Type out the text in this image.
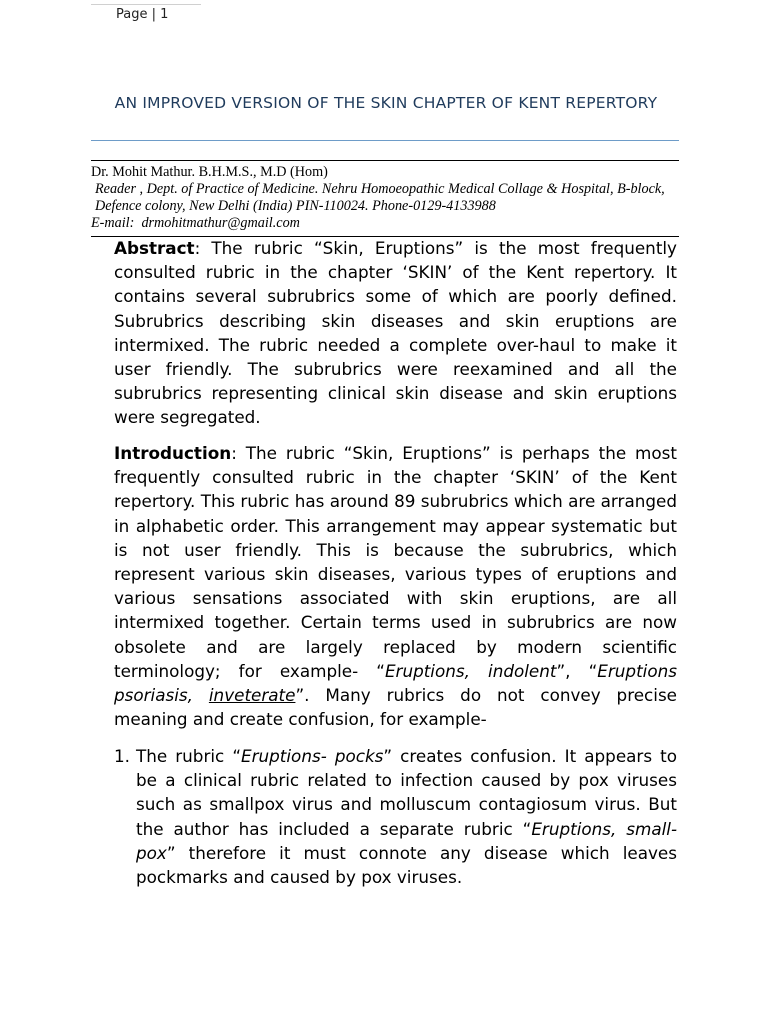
Page | 1
AN IMPROVED VERSION OF THE SKIN CHAPTER OF KENT REPERTORY

Dr. Mohit Mathur. B.H.M.S., M.D (Hom)

Reader , Dept. of Practice of Medicine. Nehru Homoeopathic Medical Collage & Hospital, B-block, Defence colony, New Delhi (India) PIN-110024. Phone-0129-4133988

E-mail: drmohitmathur@gmail.com

Abstract: The rubric “Skin, Eruptions” is the most frequently consulted rubric in the chapter ‘SKIN’ of the Kent repertory. It contains several subrubrics some of which are poorly defined. Subrubrics describing skin diseases and skin eruptions are intermixed. The rubric needed a complete over-haul to make it user friendly. The subrubrics were reexamined and all the subrubrics representing clinical skin disease and skin eruptions were segregated.

Introduction: The rubric “Skin, Eruptions” is perhaps the most frequently consulted rubric in the chapter ‘SKIN’ of the Kent repertory. This rubric has around 89 subrubrics which are arranged in alphabetic order. This arrangement may appear systematic but is not user friendly. This is because the subrubrics, which represent various skin diseases, various types of eruptions and various sensations associated with skin eruptions, are all intermixed together. Certain terms used in subrubrics are now obsolete and are largely replaced by modern scientific terminology; for example- “Eruptions, indolent”, “Eruptions psoriasis, inveterate”. Many rubrics do not convey precise meaning and create confusion, for example-

1. The rubric “Eruptions- pocks” creates confusion. It appears to be a clinical rubric related to infection caused by pox viruses such as smallpox virus and molluscum contagiosum virus. But the author has included a separate rubric “Eruptions, small-pox” therefore it must connote any disease which leaves pockmarks and caused by pox viruses.
